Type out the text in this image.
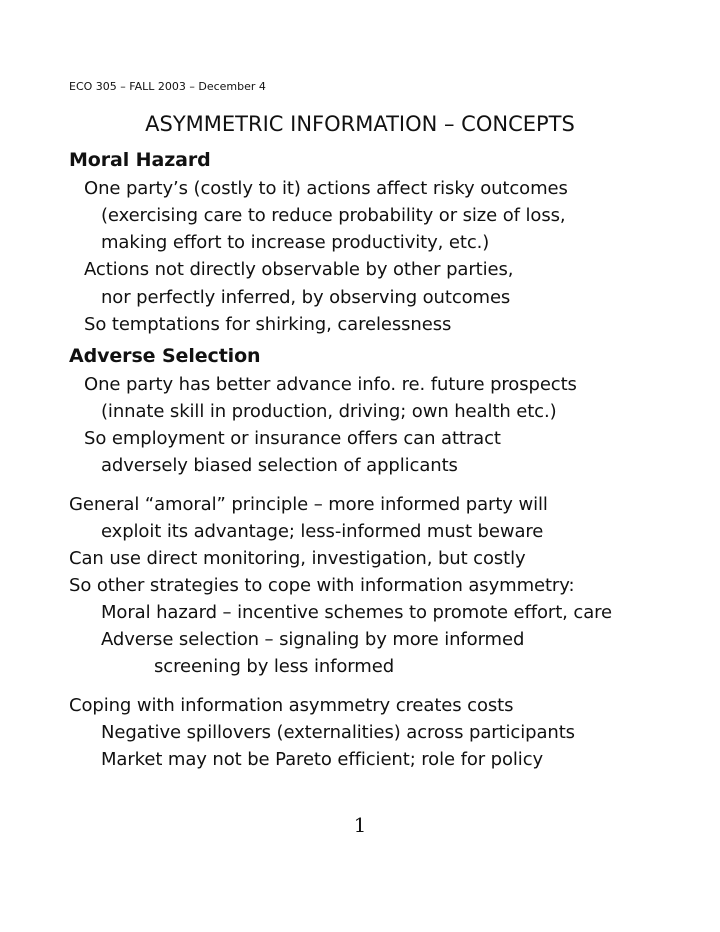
ECO 305 – FALL 2003 – December 4
ASYMMETRIC INFORMATION – CONCEPTS
Moral Hazard
One party’s (costly to it) actions affect risky outcomes
(exercising care to reduce probability or size of loss,
making effort to increase productivity, etc.)
Actions not directly observable by other parties,
nor perfectly inferred, by observing outcomes
So temptations for shirking, carelessness
Adverse Selection
One party has better advance info. re. future prospects
(innate skill in production, driving; own health etc.)
So employment or insurance offers can attract
adversely biased selection of applicants
General “amoral” principle – more informed party will
exploit its advantage; less-informed must beware
Can use direct monitoring, investigation, but costly
So other strategies to cope with information asymmetry:
Moral hazard – incentive schemes to promote effort, care
Adverse selection – signaling by more informed
screening by less informed
Coping with information asymmetry creates costs
Negative spillovers (externalities) across participants
Market may not be Pareto efficient; role for policy
1
